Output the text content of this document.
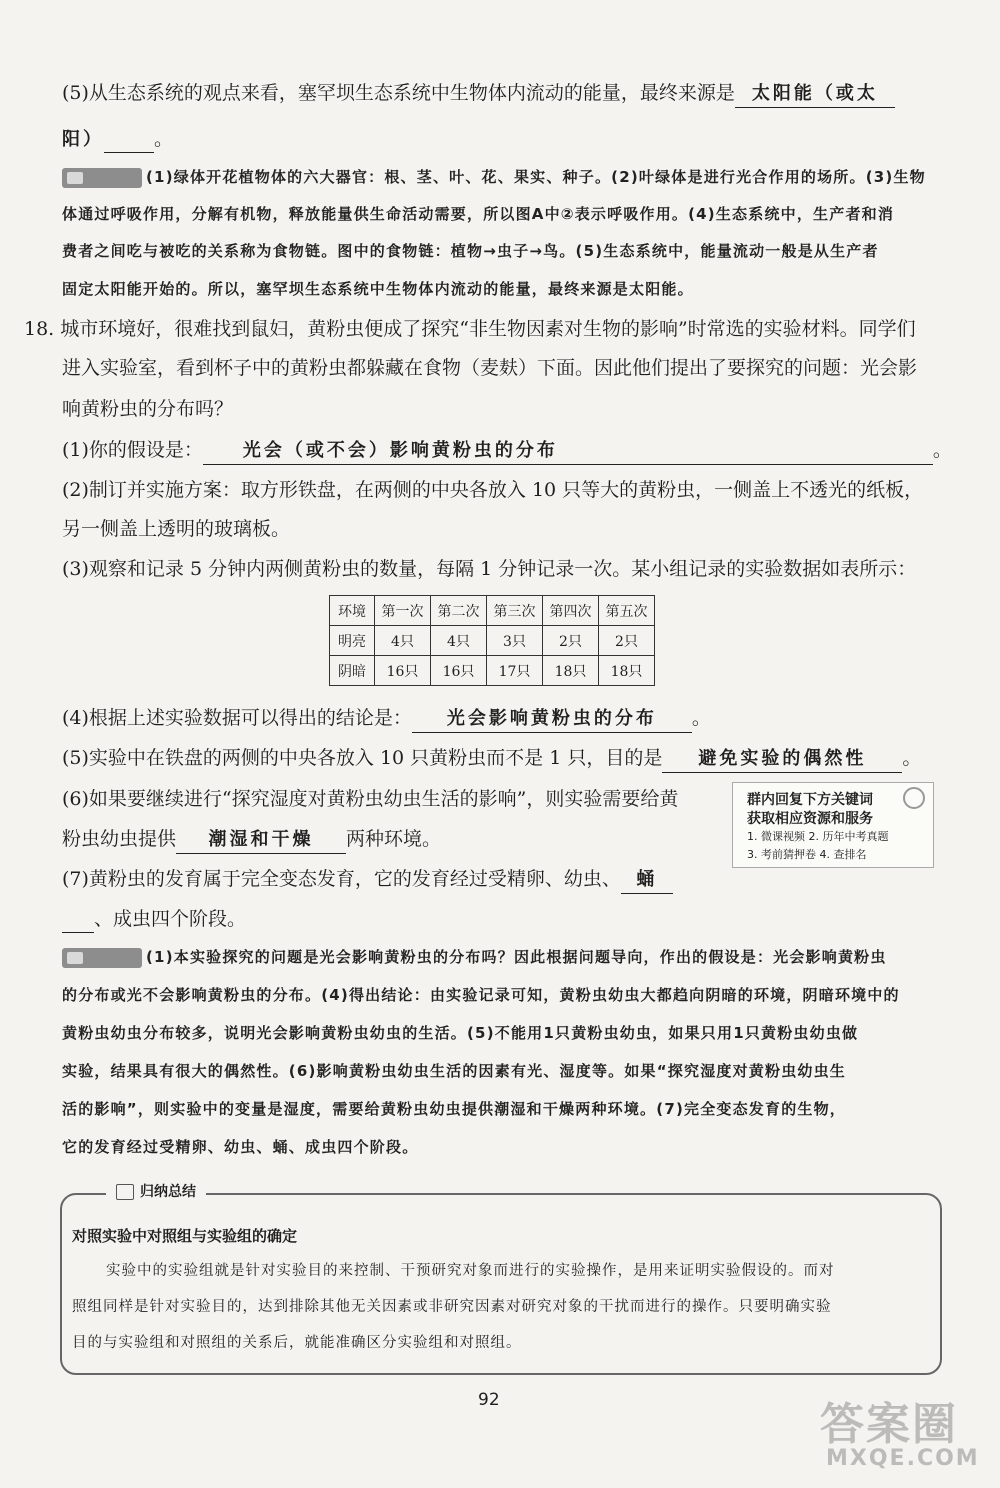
(5)从生态系统的观点来看，塞罕坝生态系统中生物体内流动的能量，最终来源是 太阳能（或太
阳）	。
(1)绿体开花植物体的六大器官：根、茎、叶、花、果实、种子。(2)叶绿体是进行光合作用的场所。(3)生物
体通过呼吸作用，分解有机物，释放能量供生命活动需要，所以图A中②表示呼吸作用。(4)生态系统中，生产者和消
费者之间吃与被吃的关系称为食物链。图中的食物链：植物→虫子→鸟。(5)生态系统中，能量流动一般是从生产者
固定太阳能开始的。所以，塞罕坝生态系统中生物体内流动的能量，最终来源是太阳能。
18. 城市环境好，很难找到鼠妇，黄粉虫便成了探究“非生物因素对生物的影响”时常选的实验材料。同学们
进入实验室，看到杯子中的黄粉虫都躲藏在食物（麦麸）下面。因此他们提出了要探究的问题：光会影
响黄粉虫的分布吗？
(1)你的假设是： 光会（或不会）影响黄粉虫的分布	。
(2)制订并实施方案：取方形铁盘，在两侧的中央各放入 10 只等大的黄粉虫，一侧盖上不透光的纸板，
另一侧盖上透明的玻璃板。
(3)观察和记录 5 分钟内两侧黄粉虫的数量，每隔 1 分钟记录一次。某小组记录的实验数据如表所示：
环境	第一次	第二次	第三次	第四次	第五次
明亮	4只	4只	3只	2只	2只
阴暗	16只	16只	17只	18只	18只
(4)根据上述实验数据可以得出的结论是： 光会影响黄粉虫的分布 。
(5)实验中在铁盘的两侧的中央各放入 10 只黄粉虫而不是 1 只，目的是 避免实验的偶然性 。
(6)如果要继续进行“探究湿度对黄粉虫幼虫生活的影响”，则实验需要给黄
粉虫幼虫提供 潮湿和干燥 两种环境。
群内回复下方关键词
获取相应资源和服务
1. 微课视频 2. 历年中考真题
3. 考前猜押卷 4. 查排名
(7)黄粉虫的发育属于完全变态发育，它的发育经过受精卵、幼虫、 蛹
、成虫四个阶段。
(1)本实验探究的问题是光会影响黄粉虫的分布吗？因此根据问题导向，作出的假设是：光会影响黄粉虫
的分布或光不会影响黄粉虫的分布。(4)得出结论：由实验记录可知，黄粉虫幼虫大都趋向阴暗的环境，阴暗环境中的
黄粉虫幼虫分布较多，说明光会影响黄粉虫幼虫的生活。(5)不能用1只黄粉虫幼虫，如果只用1只黄粉虫幼虫做
实验，结果具有很大的偶然性。(6)影响黄粉虫幼虫生活的因素有光、湿度等。如果“探究湿度对黄粉虫幼虫生
活的影响”，则实验中的变量是湿度，需要给黄粉虫幼虫提供潮湿和干燥两种环境。(7)完全变态发育的生物，
它的发育经过受精卵、幼虫、蛹、成虫四个阶段。
归纳总结
对照实验中对照组与实验组的确定
实验中的实验组就是针对实验目的来控制、干预研究对象而进行的实验操作，是用来证明实验假设的。而对
照组同样是针对实验目的，达到排除其他无关因素或非研究因素对研究对象的干扰而进行的操作。只要明确实验
目的与实验组和对照组的关系后，就能准确区分实验组和对照组。
92	答案圈
MXQE.COM
